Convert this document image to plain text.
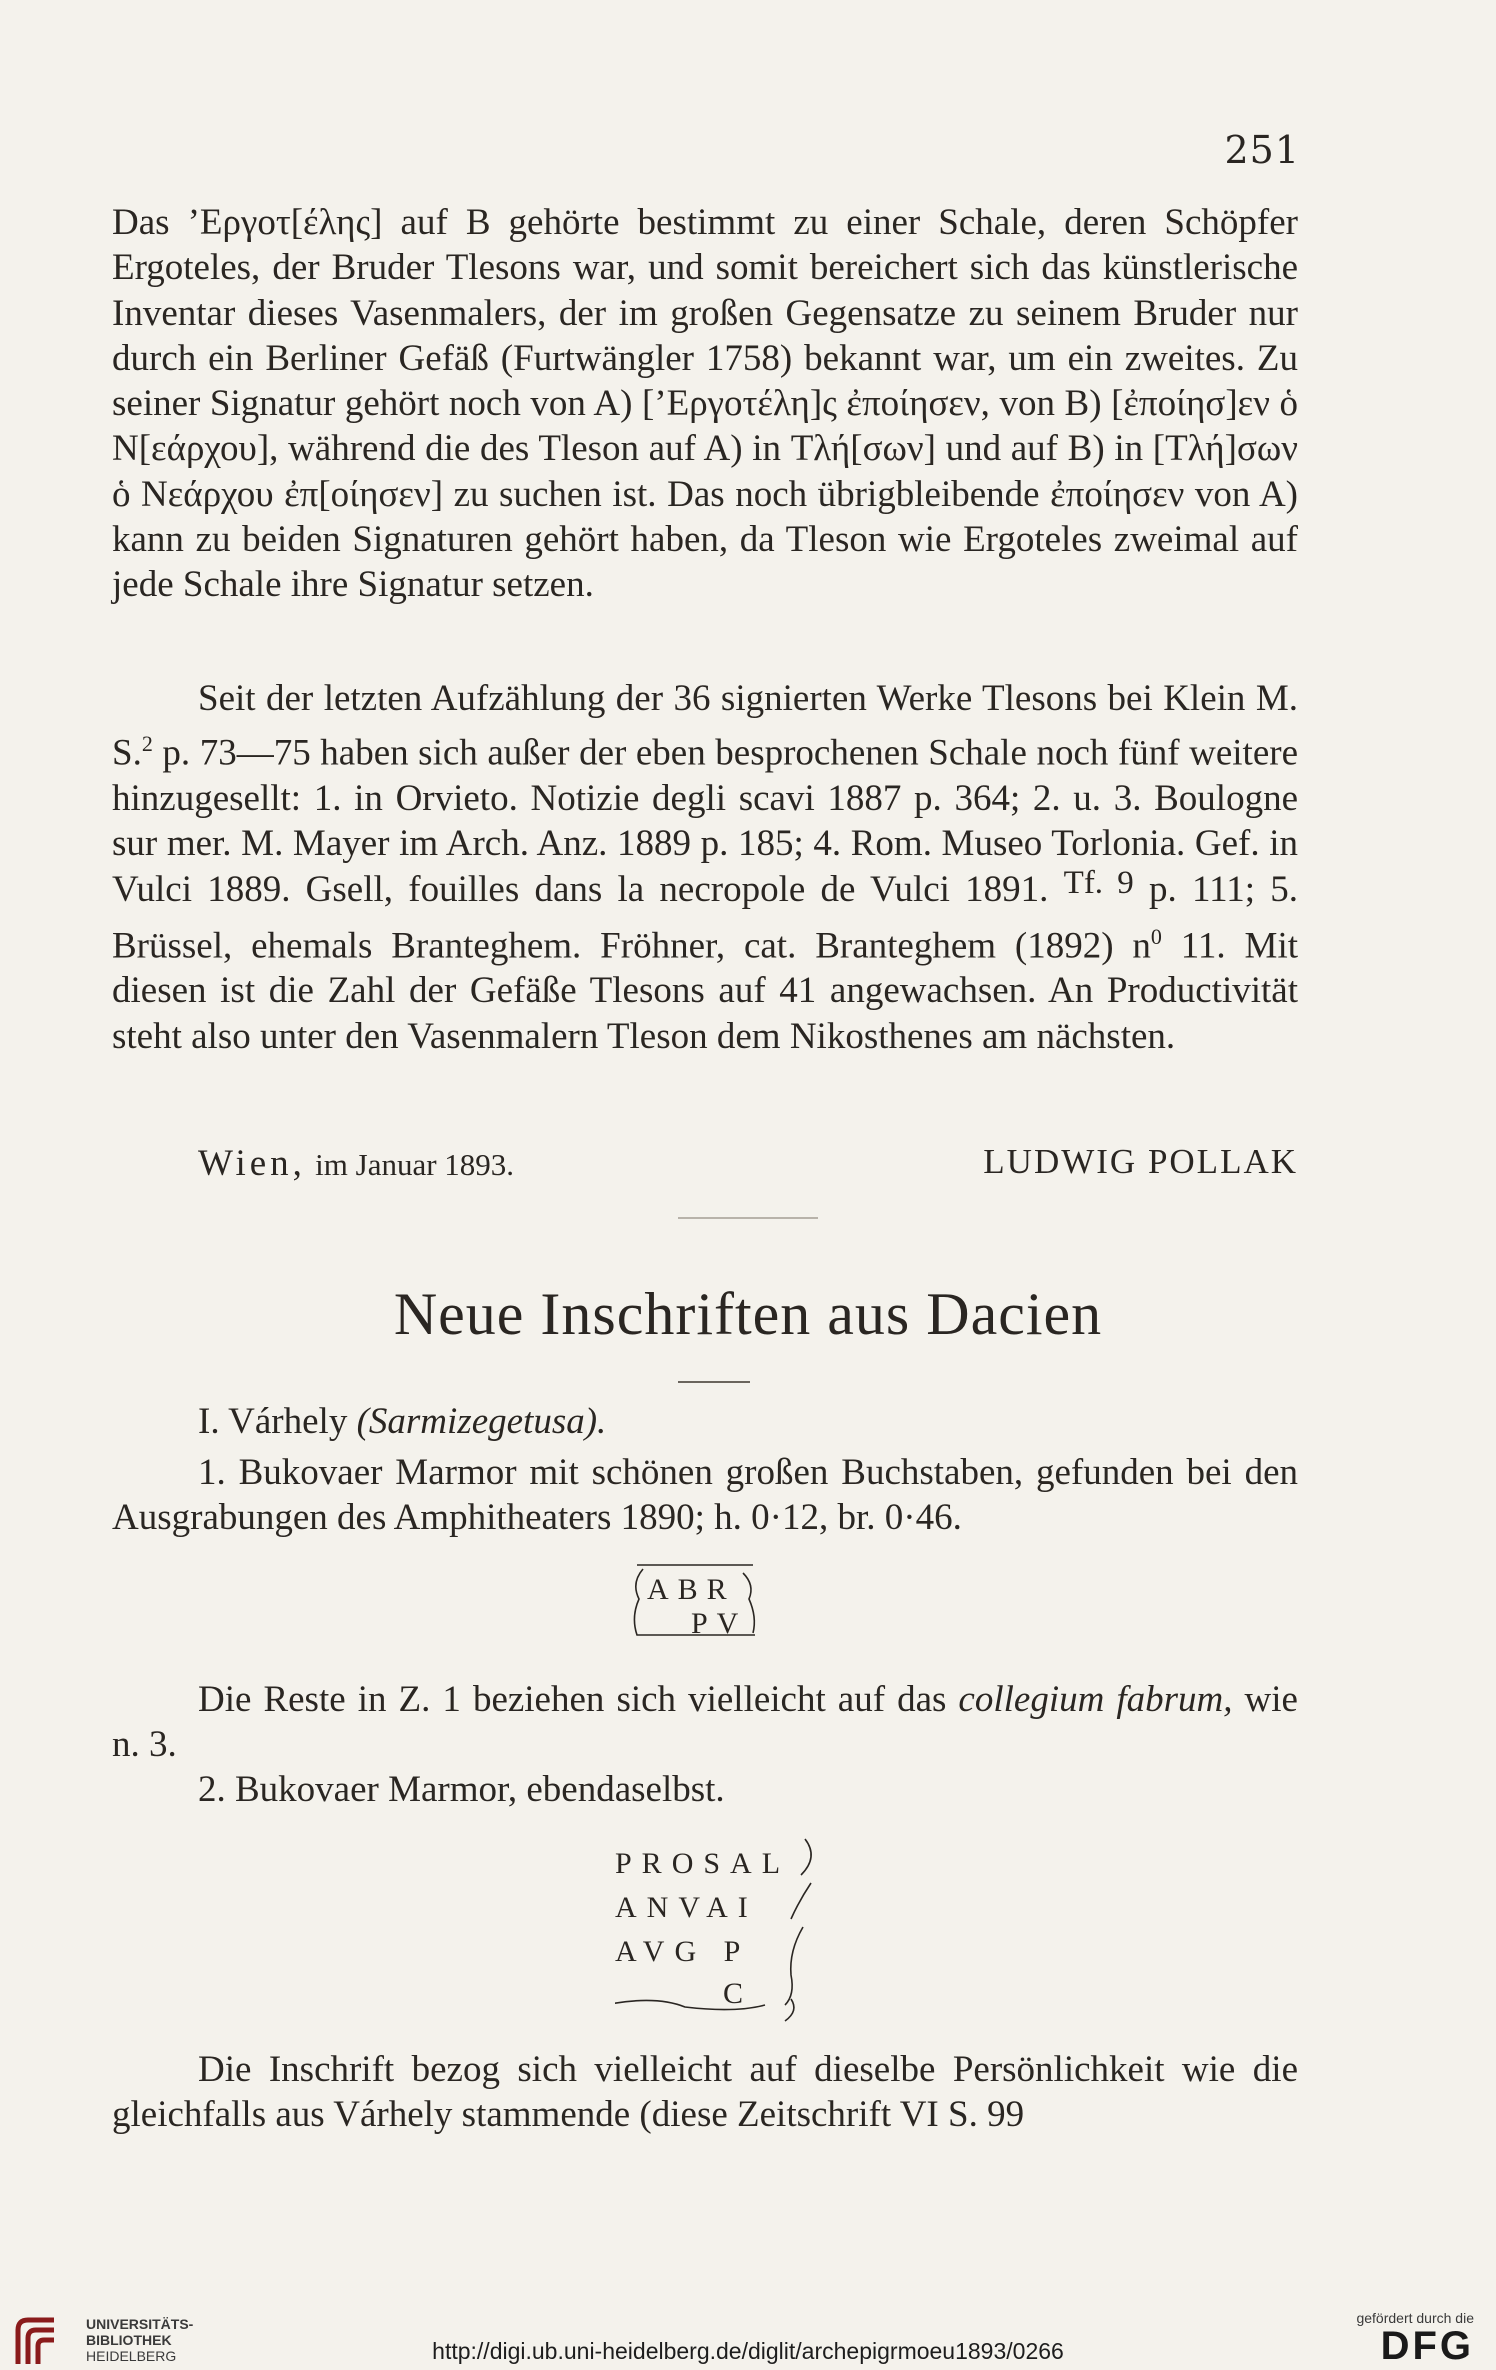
251
Das ʼΕργοτ[έλης] auf B gehörte bestimmt zu einer Schale, deren Schöpfer Ergoteles, der Bruder Tlesons war, und somit bereichert sich das künstlerische Inventar dieses Vasenmalers, der im großen Gegensatze zu seinem Bruder nur durch ein Berliner Gefäß (Furtwängler 1758) bekannt war, um ein zweites. Zu seiner Signatur gehört noch von A) [ʼΕργοτέλη]ς ἐποίησεν, von B) [ἐποίησ]εν ὁ Ν[εάρχου], während die des Tleson auf A) in Τλή[σων] und auf B) in [Τλή]σων ὁ Νεάρχου ἐπ[οίησεν] zu suchen ist. Das noch übrigbleibende ἐποίησεν von A) kann zu beiden Signaturen gehört haben, da Tleson wie Ergoteles zweimal auf jede Schale ihre Signatur setzen.
Seit der letzten Aufzählung der 36 signierten Werke Tlesons bei Klein M. S.$^2$ p. 73—75 haben sich außer der eben besprochenen Schale noch fünf weitere hinzugesellt: 1. in Orvieto. Notizie degli scavi 1887 p. 364; 2. u. 3. Boulogne sur mer. M. Mayer im Arch. Anz. 1889 p. 185; 4. Rom. Museo Torlonia. Gef. in Vulci 1889. Gsell, fouilles dans la necropole de Vulci 1891. Tf. 9 p. 111; 5. Brüssel, ehemals Branteghem. Fröhner, cat. Branteghem (1892) $n^0$ 11. Mit diesen ist die Zahl der Gefäße Tlesons auf 41 angewachsen. An Productivität steht also unter den Vasenmalern Tleson dem Nikosthenes am nächsten.
Wien, im Januar 1893.	LUDWIG POLLAK
Neue Inschriften aus Dacien
I. Várhely (Sarmizegetusa).
1. Bukovaer Marmor mit schönen großen Buchstaben, gefunden bei den Ausgrabungen des Amphitheaters 1890; h. 0·12, br. 0·46.
ABR
PV
Die Reste in Z. 1 beziehen sich vielleicht auf das collegium fabrum, wie n. 3.
2. Bukovaer Marmor, ebendaselbst.
PROSAL
ANVAI
AVG P
C
Die Inschrift bezog sich vielleicht auf dieselbe Persönlichkeit wie die gleichfalls aus Várhely stammende (diese Zeitschrift VI S. 99
UNIVERSITÄTS-
BIBLIOTHEK
HEIDELBERG	http://digi.ub.uni-heidelberg.de/diglit/archepigrmoeu1893/0266
gefördert durch die
DFG
